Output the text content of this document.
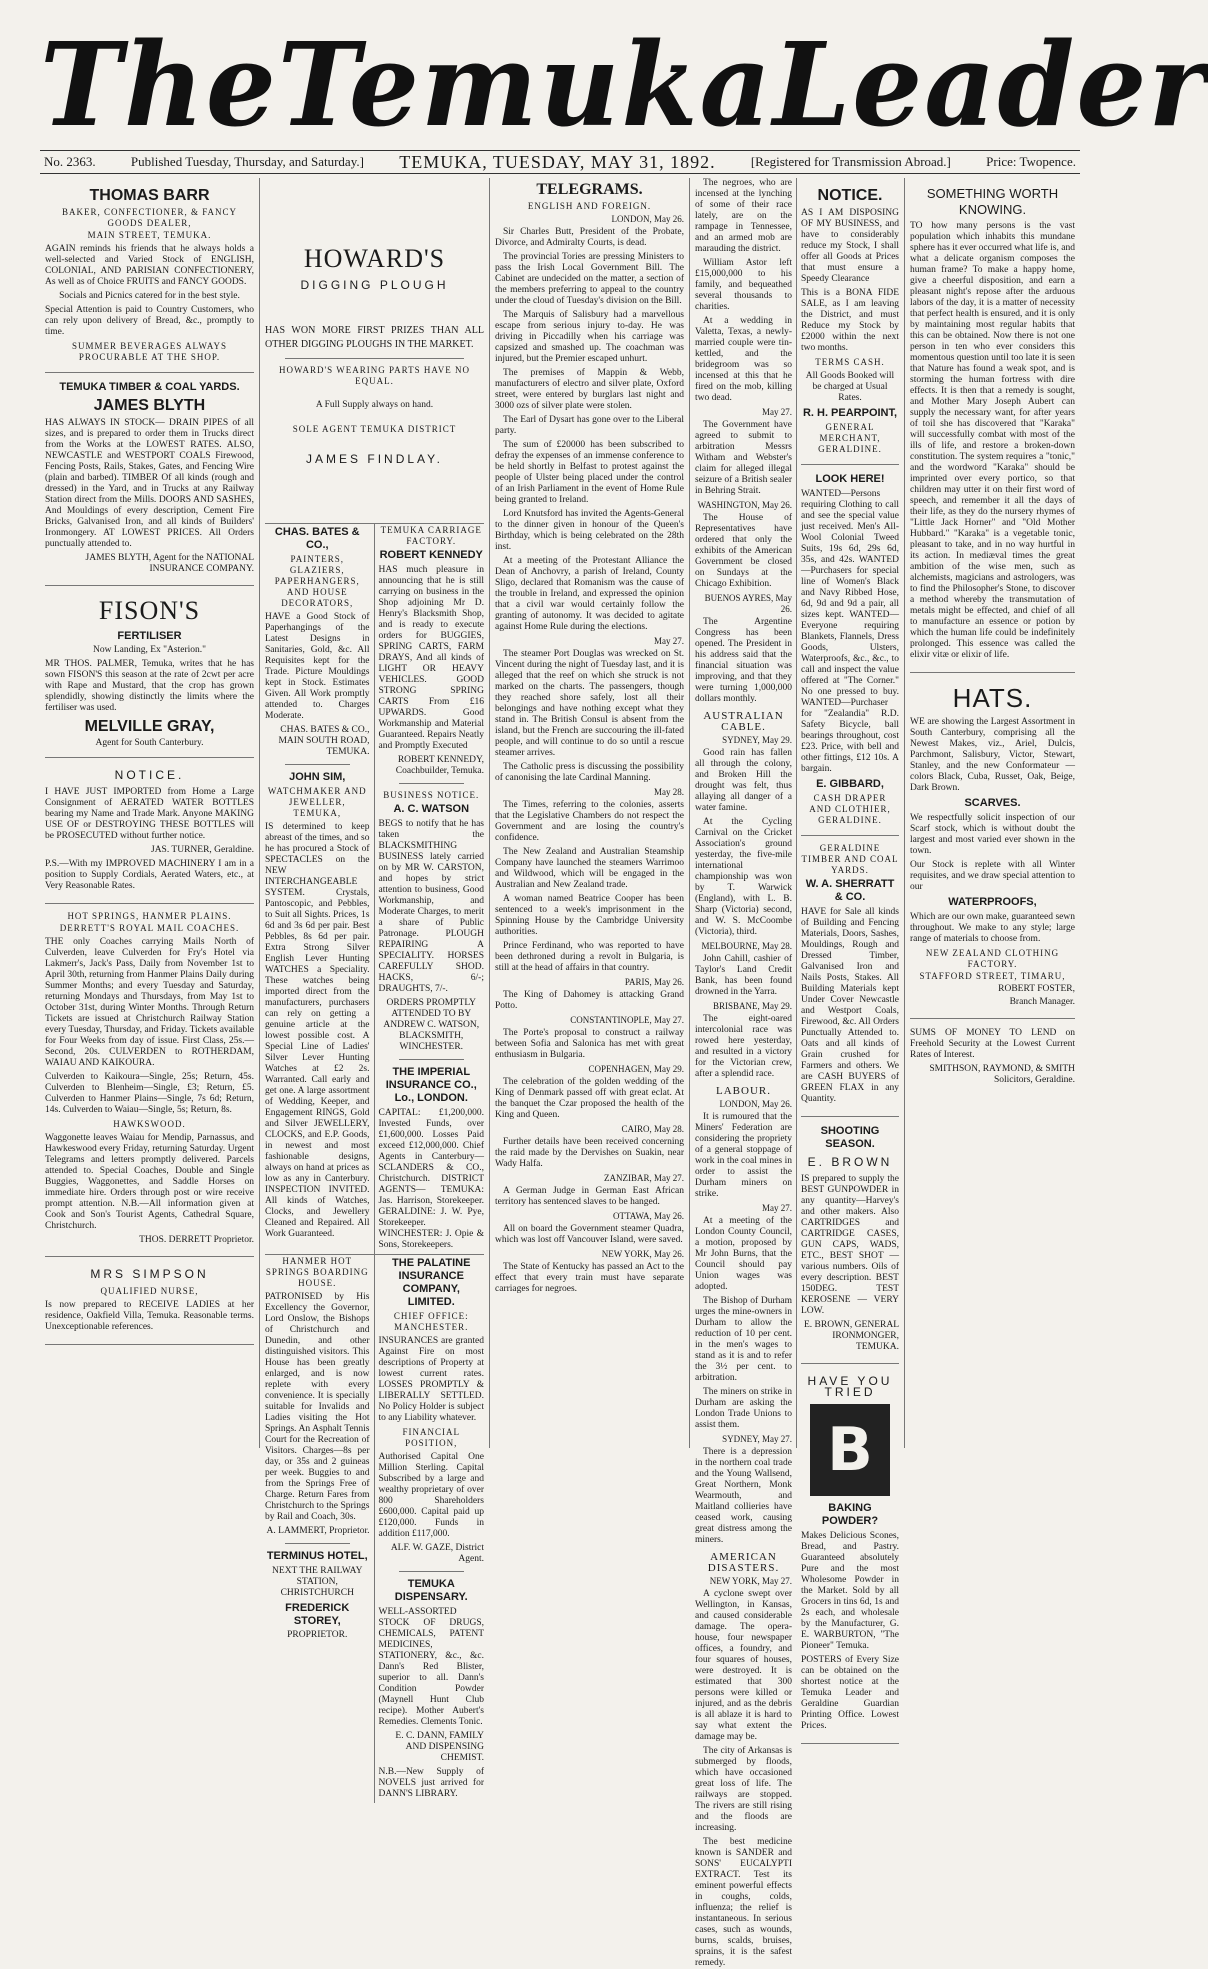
The Temuka Leader
No. 2363.	Published Tuesday, Thursday, and Saturday.] TEMUKA, TUESDAY, MAY 31, 1892.	[Registered for Transmission Abroad.]	Price: Twopence.
THOMAS BARR
BAKER, CONFECTIONER, & FANCY GOODS DEALER,
MAIN STREET, TEMUKA.
AGAIN reminds his friends that he always holds a well-selected and Varied Stock of ENGLISH, COLONIAL, AND PARISIAN CONFECTIONERY, As well as of Choice FRUITS and FANCY GOODS.
Socials and Picnics catered for in the best style.
Special Attention is paid to Country Customers, who can rely upon delivery of Bread, &c., promptly to time.
SUMMER BEVERAGES ALWAYS PROCURABLE AT THE SHOP.
TEMUKA TIMBER & COAL YARDS.
JAMES BLYTH
HAS ALWAYS IN STOCK— DRAIN PIPES of all sizes, and is prepared to order them in Trucks direct from the Works at the LOWEST RATES. ALSO, NEWCASTLE and WESTPORT COALS Firewood, Fencing Posts, Rails, Stakes, Gates, and Fencing Wire (plain and barbed). TIMBER Of all kinds (rough and dressed) in the Yard, and in Trucks at any Railway Station direct from the Mills. DOORS AND SASHES, And Mouldings of every description, Cement Fire Bricks, Galvanised Iron, and all kinds of Builders' Ironmongery. AT LOWEST PRICES. All Orders punctually attended to.
JAMES BLYTH, Agent for the NATIONAL INSURANCE COMPANY.
FISON'S
FERTILISER
Now Landing, Ex "Asterion."
MR THOS. PALMER, Temuka, writes that he has sown FISON'S this season at the rate of 2cwt per acre with Rape and Mustard, that the crop has grown splendidly, showing distinctly the limits where the fertiliser was used.
MELVILLE GRAY,
Agent for South Canterbury.
NOTICE.
I HAVE JUST IMPORTED from Home a Large Consignment of AERATED WATER BOTTLES bearing my Name and Trade Mark. Anyone MAKING USE OF or DESTROYING THESE BOTTLES will be PROSECUTED without further notice.
JAS. TURNER, Geraldine.
P.S.—With my IMPROVED MACHINERY I am in a position to Supply Cordials, Aerated Waters, etc., at Very Reasonable Rates.
HOT SPRINGS, HANMER PLAINS.
DERRETT'S ROYAL MAIL COACHES.
THE only Coaches carrying Mails North of Culverden, leave Culverden for Fry's Hotel via Lakmerr's, Jack's Pass, Daily from November 1st to April 30th, returning from Hanmer Plains Daily during Summer Months; and every Tuesday and Saturday, returning Mondays and Thursdays, from May 1st to October 31st, during Winter Months. Through Return Tickets are issued at Christchurch Railway Station every Tuesday, Thursday, and Friday. Tickets available for Four Weeks from day of issue. First Class, 25s.—Second, 20s. CULVERDEN to ROTHERDAM, WAIAU AND KAIKOURA.
Culverden to Kaikoura—Single, 25s; Return, 45s. Culverden to Blenheim—Single, £3; Return, £5. Culverden to Hanmer Plains—Single, 7s 6d; Return, 14s. Culverden to Waiau—Single, 5s; Return, 8s.
HAWKSWOOD.
Waggonette leaves Waiau for Mendip, Parnassus, and Hawkeswood every Friday, returning Saturday. Urgent Telegrams and letters promptly delivered. Parcels attended to. Special Coaches, Double and Single Buggies, Waggonettes, and Saddle Horses on immediate hire. Orders through post or wire receive prompt attention. N.B.—All information given at Cook and Son's Tourist Agents, Cathedral Square, Christchurch.
THOS. DERRETT Proprietor.
MRS SIMPSON
QUALIFIED NURSE,
Is now prepared to RECEIVE LADIES at her residence, Oakfield Villa, Temuka. Reasonable terms. Unexceptionable references.
HOWARD'S
DIGGING PLOUGH
HAS WON MORE FIRST PRIZES THAN ALL OTHER DIGGING PLOUGHS IN THE MARKET.
HOWARD'S WEARING PARTS HAVE NO EQUAL.
A Full Supply always on hand.
SOLE AGENT TEMUKA DISTRICT
JAMES FINDLAY.
CHAS. BATES & CO.,
PAINTERS, GLAZIERS, PAPERHANGERS, AND HOUSE DECORATORS,
HAVE a Good Stock of Paperhangings of the Latest Designs in Sanitaries, Gold, &c. All Requisites kept for the Trade. Picture Mouldings kept in Stock. Estimates Given. All Work promptly attended to. Charges Moderate.
CHAS. BATES & CO., MAIN SOUTH ROAD, TEMUKA.
JOHN SIM,
WATCHMAKER AND JEWELLER, TEMUKA,
IS determined to keep abreast of the times, and so he has procured a Stock of SPECTACLES on the NEW INTERCHANGEABLE SYSTEM. Crystals, Pantoscopic, and Pebbles, to Suit all Sights. Prices, 1s 6d and 3s 6d per pair. Best Pebbles, 8s 6d per pair. Extra Strong Silver English Lever Hunting WATCHES a Speciality. These watches being imported direct from the manufacturers, purchasers can rely on getting a genuine article at the lowest possible cost. A Special Line of Ladies' Silver Lever Hunting Watches at £2 2s. Warranted. Call early and get one. A large assortment of Wedding, Keeper, and Engagement RINGS, Gold and Silver JEWELLERY, CLOCKS, and E.P. Goods, in newest and most fashionable designs, always on hand at prices as low as any in Canterbury. INSPECTION INVITED. All kinds of Watches, Clocks, and Jewellery Cleaned and Repaired. All Work Guaranteed.
TEMUKA CARRIAGE FACTORY.
ROBERT KENNEDY
HAS much pleasure in announcing that he is still carrying on business in the Shop adjoining Mr D. Henry's Blacksmith Shop, and is ready to execute orders for BUGGIES, SPRING CARTS, FARM DRAYS, And all kinds of LIGHT OR HEAVY VEHICLES. GOOD STRONG SPRING CARTS From £16 UPWARDS. Good Workmanship and Material Guaranteed. Repairs Neatly and Promptly Executed
ROBERT KENNEDY, Coachbuilder, Temuka.
BUSINESS NOTICE.
A. C. WATSON
BEGS to notify that he has taken the BLACKSMITHING BUSINESS lately carried on by MR W. CARSTON, and hopes by strict attention to business, Good Workmanship, and Moderate Charges, to merit a share of Public Patronage. PLOUGH REPAIRING A SPECIALITY. HORSES CAREFULLY SHOD. HACKS, 6/-; DRAUGHTS, 7/-.
ORDERS PROMPTLY ATTENDED TO BY ANDREW C. WATSON, BLACKSMITH, WINCHESTER.
THE IMPERIAL INSURANCE CO., Lo., LONDON.
CAPITAL: £1,200,000. Invested Funds, over £1,600,000. Losses Paid exceed £12,000,000. Chief Agents in Canterbury— SCLANDERS & CO., Christchurch. DISTRICT AGENTS— TEMUKA: Jas. Harrison, Storekeeper. GERALDINE: J. W. Pye, Storekeeper. WINCHESTER: J. Opie & Sons, Storekeepers.
HANMER HOT SPRINGS BOARDING HOUSE.
PATRONISED by His Excellency the Governor, Lord Onslow, the Bishops of Christchurch and Dunedin, and other distinguished visitors. This House has been greatly enlarged, and is now replete with every convenience. It is specially suitable for Invalids and Ladies visiting the Hot Springs. An Asphalt Tennis Court for the Recreation of Visitors. Charges—8s per day, or 35s and 2 guineas per week. Buggies to and from the Springs Free of Charge. Return Fares from Christchurch to the Springs by Rail and Coach, 30s.
A. LAMMERT, Proprietor.
TERMINUS HOTEL,
NEXT THE RAILWAY STATION, CHRISTCHURCH
FREDERICK STOREY,
PROPRIETOR.
THE PALATINE INSURANCE COMPANY, LIMITED.
CHIEF OFFICE: MANCHESTER.
INSURANCES are granted Against Fire on most descriptions of Property at lowest current rates. LOSSES PROMPTLY & LIBERALLY SETTLED. No Policy Holder is subject to any Liability whatever.
FINANCIAL POSITION,
Authorised Capital One Million Sterling. Capital Subscribed by a large and wealthy proprietary of over 800 Shareholders £600,000. Capital paid up £120,000. Funds in addition £117,000.
ALF. W. GAZE, District Agent.
TEMUKA DISPENSARY.
WELL-ASSORTED STOCK OF DRUGS, CHEMICALS, PATENT MEDICINES, STATIONERY, &c., &c. Dann's Red Blister, superior to all. Dann's Condition Powder (Maynell Hunt Club recipe). Mother Aubert's Remedies. Clements Tonic.
E. C. DANN, FAMILY AND DISPENSING CHEMIST.
N.B.—New Supply of NOVELS just arrived for DANN'S LIBRARY.
TELEGRAMS.
ENGLISH AND FOREIGN.
LONDON, May 26.

Sir Charles Butt, President of the Probate, Divorce, and Admiralty Courts, is dead.

The provincial Tories are pressing Ministers to pass the Irish Local Government Bill. The Cabinet are undecided on the matter, a section of the members preferring to appeal to the country under the cloud of Tuesday's division on the Bill.

The Marquis of Salisbury had a marvellous escape from serious injury to-day. He was driving in Piccadilly when his carriage was capsized and smashed up. The coachman was injured, but the Premier escaped unhurt.

The premises of Mappin & Webb, manufacturers of electro and silver plate, Oxford street, were entered by burglars last night and 3000 ozs of silver plate were stolen.

The Earl of Dysart has gone over to the Liberal party.

The sum of £20000 has been subscribed to defray the expenses of an immense conference to be held shortly in Belfast to protest against the people of Ulster being placed under the control of an Irish Parliament in the event of Home Rule being granted to Ireland.

Lord Knutsford has invited the Agents-General to the dinner given in honour of the Queen's Birthday, which is being celebrated on the 28th inst.

At a meeting of the Protestant Alliance the Dean of Anchovry, a parish of Ireland, County Sligo, declared that Romanism was the cause of the trouble in Ireland, and expressed the opinion that a civil war would certainly follow the granting of autonomy. It was decided to agitate against Home Rule during the elections.

May 27.

The steamer Port Douglas was wrecked on St. Vincent during the night of Tuesday last, and it is alleged that the reef on which she struck is not marked on the charts. The passengers, though they reached shore safely, lost all their belongings and have nothing except what they stand in. The British Consul is absent from the island, but the French are succouring the ill-fated people, and will continue to do so until a rescue steamer arrives.

The Catholic press is discussing the possibility of canonising the late Cardinal Manning.

May 28.

The Times, referring to the colonies, asserts that the Legislative Chambers do not respect the Government and are losing the country's confidence.

The New Zealand and Australian Steamship Company have launched the steamers Warrimoo and Wildwood, which will be engaged in the Australian and New Zealand trade.

A woman named Beatrice Cooper has been sentenced to a week's imprisonment in the Spinning House by the Cambridge University authorities.

Prince Ferdinand, who was reported to have been dethroned during a revolt in Bulgaria, is still at the head of affairs in that country.

PARIS, May 26.

The King of Dahomey is attacking Grand Potto.

CONSTANTINOPLE, May 27.

The Porte's proposal to construct a railway between Sofia and Salonica has met with great enthusiasm in Bulgaria.

COPENHAGEN, May 29.

The celebration of the golden wedding of the King of Denmark passed off with great eclat. At the banquet the Czar proposed the health of the King and Queen.

CAIRO, May 28.

Further details have been received concerning the raid made by the Dervishes on Suakin, near Wady Halfa.

ZANZIBAR, May 27.

A German Judge in German East African territory has sentenced slaves to be hanged.

OTTAWA, May 26.

All on board the Government steamer Quadra, which was lost off Vancouver Island, were saved.

NEW YORK, May 26.

The State of Kentucky has passed an Act to the effect that every train must have separate carriages for negroes.

The negroes, who are incensed at the lynching of some of their race lately, are on the rampage in Tennessee, and an armed mob are marauding the district.

William Astor left £15,000,000 to his family, and bequeathed several thousands to charities.

At a wedding in Valetta, Texas, a newly-married couple were tin-kettled, and the bridegroom was so incensed at this that he fired on the mob, killing two dead.

May 27.

The Government have agreed to submit to arbitration Messrs Witham and Webster's claim for alleged illegal seizure of a British sealer in Behring Strait.

WASHINGTON, May 26.

The House of Representatives have ordered that only the exhibits of the American Government be closed on Sundays at the Chicago Exhibition.

BUENOS AYRES, May 26.

The Argentine Congress has been opened. The President in his address said that the financial situation was improving, and that they were turning 1,000,000 dollars monthly.

AUSTRALIAN CABLE.
SYDNEY, May 29.

Good rain has fallen all through the colony, and Broken Hill the drought was felt, thus allaying all danger of a water famine.

At the Cycling Carnival on the Cricket Association's ground yesterday, the five-mile international championship was won by T. Warwick (England), with L. B. Sharp (Victoria) second, and W. S. McCoombe (Victoria), third.

MELBOURNE, May 28.

John Cahill, cashier of Taylor's Land Credit Bank, has been found drowned in the Yarra.

BRISBANE, May 29.

The eight-oared intercolonial race was rowed here yesterday, and resulted in a victory for the Victorian crew, after a splendid race.

LABOUR.
LONDON, May 26.

It is rumoured that the Miners' Federation are considering the propriety of a general stoppage of work in the coal mines in order to assist the Durham miners on strike.

May 27.

At a meeting of the London County Council, a motion, proposed by Mr John Burns, that the Council should pay Union wages was adopted.

The Bishop of Durham urges the mine-owners in Durham to allow the reduction of 10 per cent. in the men's wages to stand as it is and to refer the 3½ per cent. to arbitration.

The miners on strike in Durham are asking the London Trade Unions to assist them.

SYDNEY, May 27.

There is a depression in the northern coal trade and the Young Wallsend, Great Northern, Monk Wearmouth, and Maitland collieries have ceased work, causing great distress among the miners.

AMERICAN DISASTERS.
NEW YORK, May 27.

A cyclone swept over Wellington, in Kansas, and caused considerable damage. The opera-house, four newspaper offices, a foundry, and four squares of houses, were destroyed. It is estimated that 300 persons were killed or injured, and as the debris is all ablaze it is hard to say what extent the damage may be.

The city of Arkansas is submerged by floods, which have occasioned great loss of life. The railways are stopped. The rivers are still rising and the floods are increasing.

The best medicine known is SANDER and SONS' EUCALYPTI EXTRACT. Test its eminent powerful effects in coughs, colds, influenza; the relief is instantaneous. In serious cases, such as wounds, burns, scalds, bruises, sprains, it is the safest remedy.

NOTICE.
AS I AM DISPOSING OF MY BUSINESS, and have to considerably reduce my Stock, I shall offer all Goods at Prices that must ensure a Speedy Clearance
This is a BONA FIDE SALE, as I am leaving the District, and must Reduce my Stock by £2000 within the next two months.
TERMS CASH.
All Goods Booked will be charged at Usual Rates.
R. H. PEARPOINT,
GENERAL MERCHANT, GERALDINE.
LOOK HERE!
WANTED—Persons requiring Clothing to call and see the special value just received. Men's All-Wool Colonial Tweed Suits, 19s 6d, 29s 6d, 35s, and 42s. WANTED—Purchasers for special line of Women's Black and Navy Ribbed Hose, 6d, 9d and 9d a pair, all sizes kept. WANTED—Everyone requiring Blankets, Flannels, Dress Goods, Ulsters, Waterproofs, &c., &c., to call and inspect the value offered at "The Corner." No one pressed to buy. WANTED—Purchaser for "Zealandia" R.D. Safety Bicycle, ball bearings throughout, cost £23. Price, with bell and other fittings, £12 10s. A bargain.
E. GIBBARD,
CASH DRAPER AND CLOTHIER, GERALDINE.
GERALDINE TIMBER AND COAL YARDS.
W. A. SHERRATT & CO.
HAVE for Sale all kinds of Building and Fencing Materials, Doors, Sashes, Mouldings, Rough and Dressed Timber, Galvanised Iron and Nails Posts, Stakes. All Building Materials kept Under Cover Newcastle and Westport Coals, Firewood, &c. All Orders Punctually Attended to. Oats and all kinds of Grain crushed for Farmers and others. We are CASH BUYERS of GREEN FLAX in any Quantity.
SHOOTING SEASON.
E. BROWN
IS prepared to supply the BEST GUNPOWDER in any quantity—Harvey's and other makers. Also CARTRIDGES and CARTRIDGE CASES, GUN CAPS, WADS, ETC., BEST SHOT — various numbers. Oils of every description. BEST 150DEG. TEST KEROSENE — VERY LOW.
E. BROWN, GENERAL IRONMONGER, TEMUKA.
HAVE YOU TRIED
B
BAKING POWDER?
Makes Delicious Scones, Bread, and Pastry. Guaranteed absolutely Pure and the most Wholesome Powder in the Market. Sold by all Grocers in tins 6d, 1s and 2s each, and wholesale by the Manufacturer, G. E. WARBURTON, "The Pioneer" Temuka.
POSTERS of Every Size can be obtained on the shortest notice at the Temuka Leader and Geraldine Guardian Printing Office. Lowest Prices.
SOMETHING WORTH KNOWING.
TO how many persons is the vast population which inhabits this mundane sphere has it ever occurred what life is, and what a delicate organism composes the human frame? To make a happy home, give a cheerful disposition, and earn a pleasant night's repose after the arduous labors of the day, it is a matter of necessity that perfect health is ensured, and it is only by maintaining most regular habits that this can be obtained. Now there is not one person in ten who ever considers this momentous question until too late it is seen that Nature has found a weak spot, and is storming the human fortress with dire effects. It is then that a remedy is sought, and Mother Mary Joseph Aubert can supply the necessary want, for after years of toil she has discovered that "Karaka" will successfully combat with most of the ills of life, and restore a broken-down constitution. The system requires a "tonic," and the wordword "Karaka" should be imprinted over every portico, so that children may utter it on their first word of speech, and remember it all the days of their life, as they do the nursery rhymes of "Little Jack Horner" and "Old Mother Hubbard." "Karaka" is a vegetable tonic, pleasant to take, and in no way hurtful in its action. In mediæval times the great ambition of the wise men, such as alchemists, magicians and astrologers, was to find the Philosopher's Stone, to discover a method whereby the transmutation of metals might be effected, and chief of all to manufacture an essence or potion by which the human life could be indefinitely prolonged. This essence was called the elixir vitæ or elixir of life.
HATS.
WE are showing the Largest Assortment in South Canterbury, comprising all the Newest Makes, viz., Ariel, Dulcis, Parchmont, Salisbury, Victor, Stewart, Stanley, and the new Conformateur — colors Black, Cuba, Russet, Oak, Beige, Dark Brown.
SCARVES.
We respectfully solicit inspection of our Scarf stock, which is without doubt the largest and most varied ever shown in the town.
Our Stock is replete with all Winter requisites, and we draw special attention to our
WATERPROOFS,
Which are our own make, guaranteed sewn throughout. We make to any style; large range of materials to choose from.
NEW ZEALAND CLOTHING FACTORY.
STAFFORD STREET, TIMARU,
ROBERT FOSTER,
Branch Manager.
SUMS OF MONEY TO LEND on Freehold Security at the Lowest Current Rates of Interest.
SMITHSON, RAYMOND, & SMITH Solicitors, Geraldine.
